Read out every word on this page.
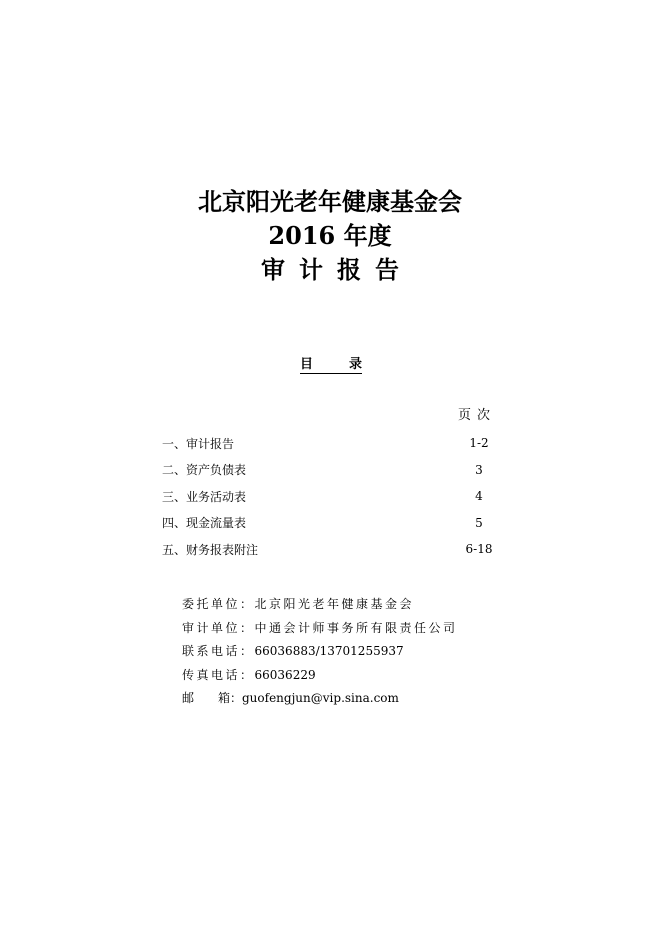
北京阳光老年健康基金会
2016 年度
审计报告
目	录
页次
一、审计报告	1-2
二、资产负债表	3
三、业务活动表	4
四、现金流量表	5
五、财务报表附注	6-18
委托单位： 北京阳光老年健康基金会
审计单位： 中通会计师事务所有限责任公司
联系电话： 66036883/13701255937
传真电话： 66036229
邮 箱： guofengjun@vip.sina.com
